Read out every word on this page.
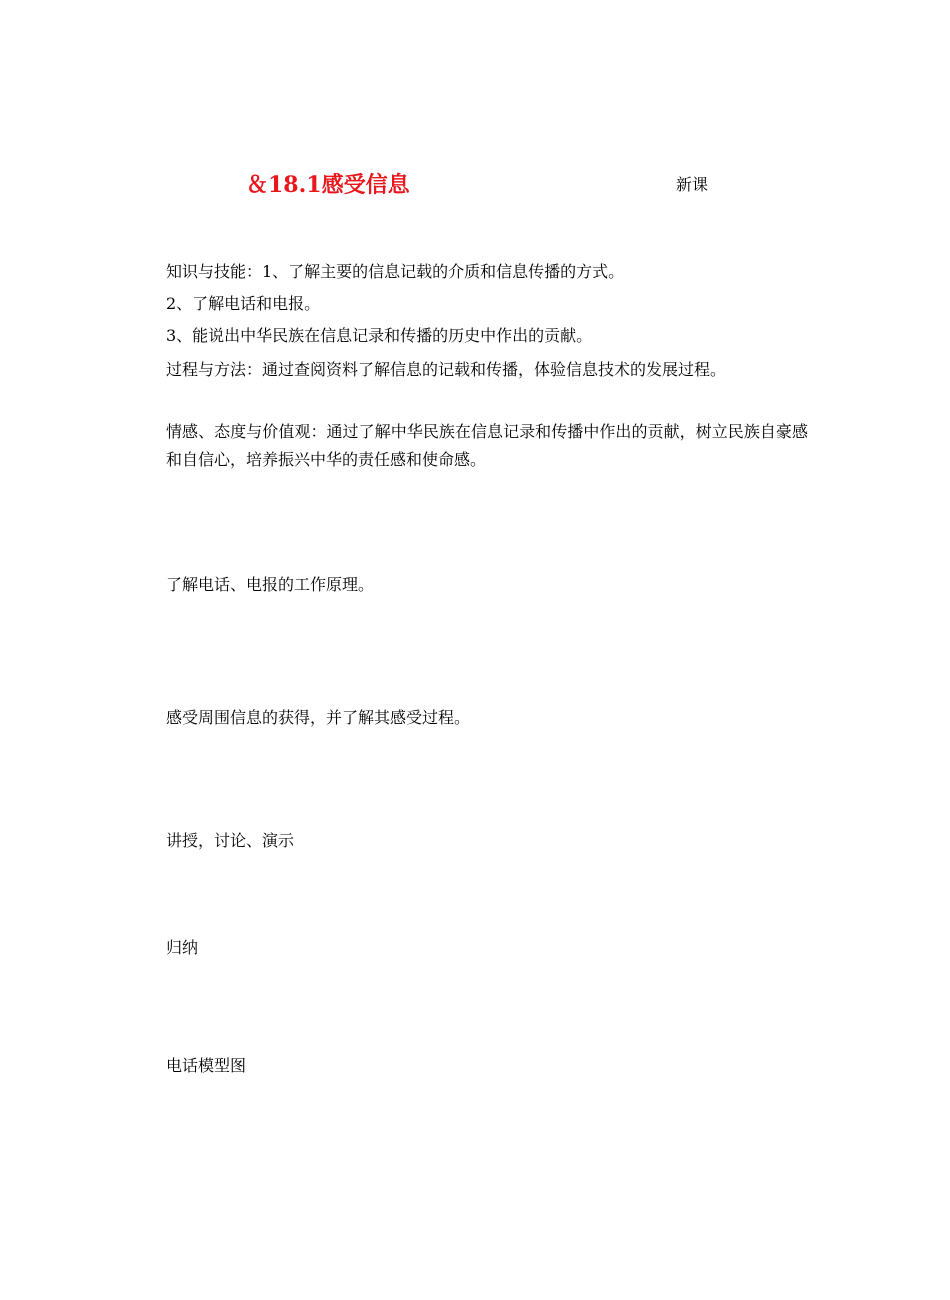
＆18.1感受信息	新课
知识与技能：1、了解主要的信息记载的介质和信息传播的方式。
2、了解电话和电报。
3、能说出中华民族在信息记录和传播的历史中作出的贡献。
过程与方法：通过查阅资料了解信息的记载和传播，体验信息技术的发展过程。
情感、态度与价值观：通过了解中华民族在信息记录和传播中作出的贡献，树立民族自豪感和自信心，培养振兴中华的责任感和使命感。
了解电话、电报的工作原理。
感受周围信息的获得，并了解其感受过程。
讲授，讨论、演示
归纳
电话模型图
